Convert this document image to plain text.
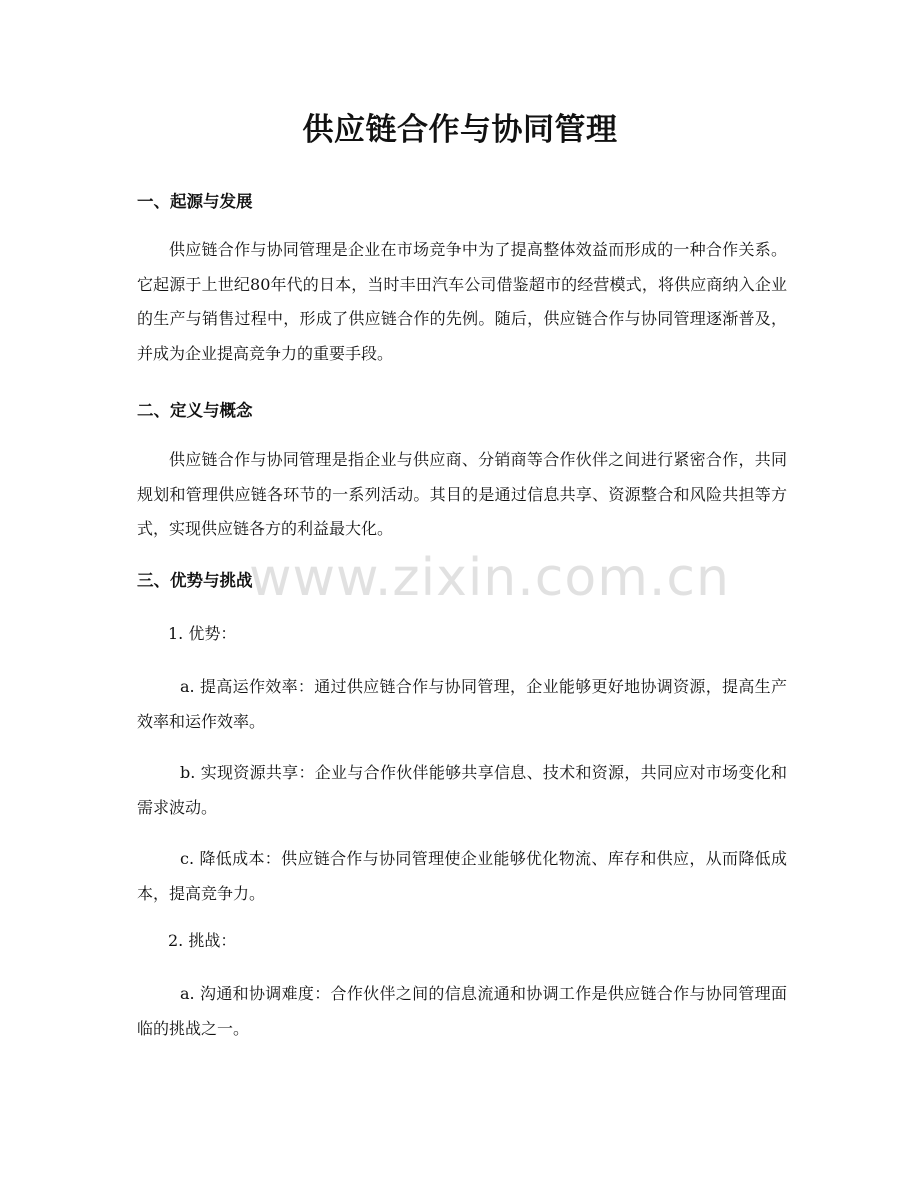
供应链合作与协同管理
一、起源与发展
供应链合作与协同管理是企业在市场竞争中为了提高整体效益而形成的一种合作关系。它起源于上世纪80年代的日本，当时丰田汽车公司借鉴超市的经营模式，将供应商纳入企业的生产与销售过程中，形成了供应链合作的先例。随后，供应链合作与协同管理逐渐普及，并成为企业提高竞争力的重要手段。
二、定义与概念
供应链合作与协同管理是指企业与供应商、分销商等合作伙伴之间进行紧密合作，共同规划和管理供应链各环节的一系列活动。其目的是通过信息共享、资源整合和风险共担等方式，实现供应链各方的利益最大化。
三、优势与挑战
1. 优势：
a. 提高运作效率：通过供应链合作与协同管理，企业能够更好地协调资源，提高生产效率和运作效率。
b. 实现资源共享：企业与合作伙伴能够共享信息、技术和资源，共同应对市场变化和需求波动。
c. 降低成本：供应链合作与协同管理使企业能够优化物流、库存和供应，从而降低成本，提高竞争力。
2. 挑战：
a. 沟通和协调难度：合作伙伴之间的信息流通和协调工作是供应链合作与协同管理面临的挑战之一。
www.zixin.com.cn
